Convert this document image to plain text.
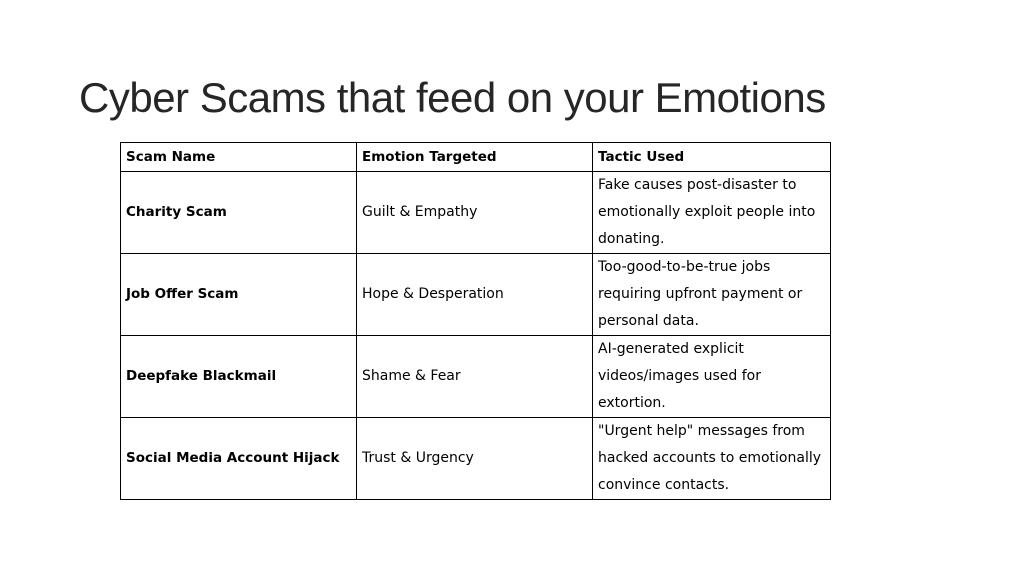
Cyber Scams that feed on your Emotions
Scam Name	Emotion Targeted	Tactic Used
Charity Scam	Guilt & Empathy	Fake causes post-disaster to emotionally exploit people into donating.
Job Offer Scam	Hope & Desperation	Too-good-to-be-true jobs requiring upfront payment or personal data.
Deepfake Blackmail	Shame & Fear	AI-generated explicit videos/images used for extortion.
Social Media Account Hijack	Trust & Urgency	"Urgent help" messages from hacked accounts to emotionally convince contacts.
